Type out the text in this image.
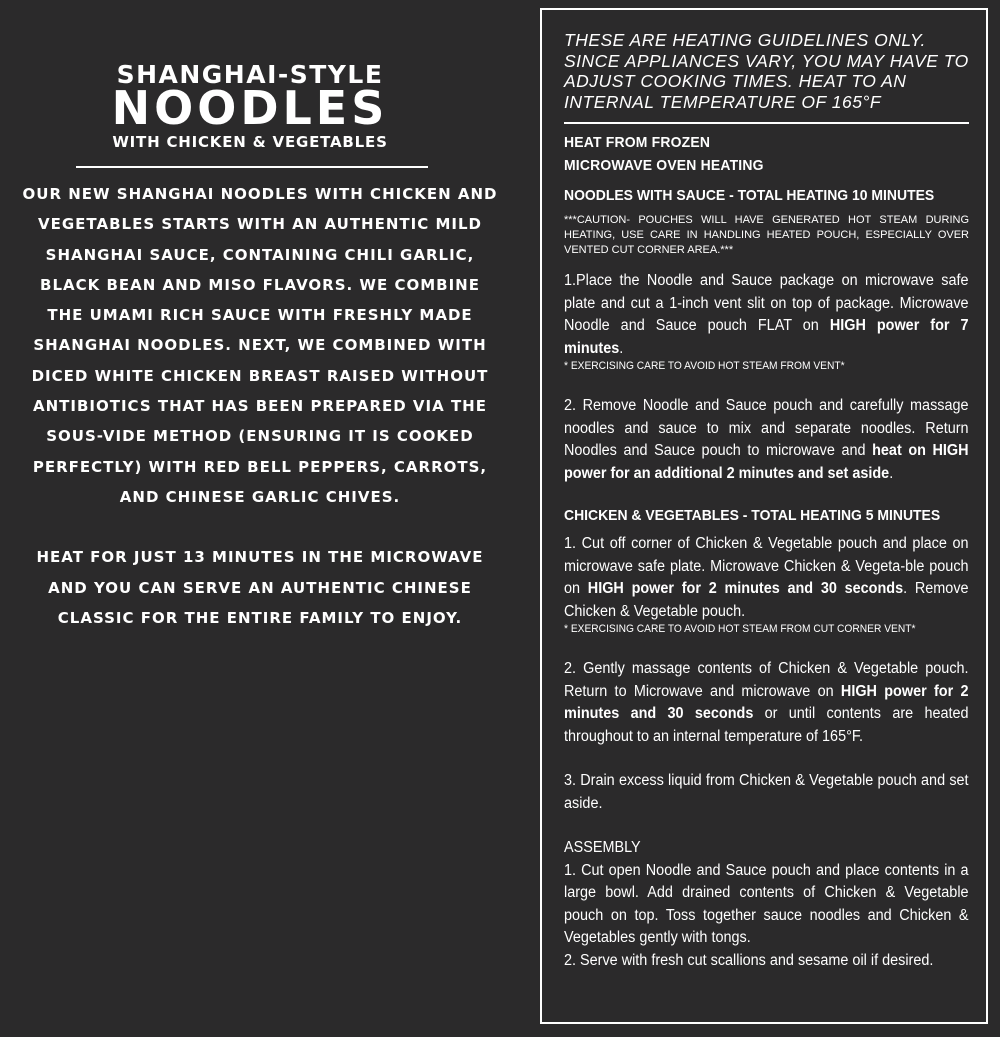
SHANGHAI-STYLE
NOODLES
WITH CHICKEN & VEGETABLES

OUR NEW SHANGHAI NOODLES WITH CHICKEN AND VEGETABLES STARTS WITH AN AUTHENTIC MILD SHANGHAI SAUCE, CONTAINING CHILI GARLIC, BLACK BEAN AND MISO FLAVORS. WE COMBINE THE UMAMI RICH SAUCE WITH FRESHLY MADE SHANGHAI NOODLES. NEXT, WE COMBINED WITH DICED WHITE CHICKEN BREAST RAISED WITHOUT ANTIBIOTICS THAT HAS BEEN PREPARED VIA THE SOUS-VIDE METHOD (ENSURING IT IS COOKED PERFECTLY) WITH RED BELL PEPPERS, CARROTS, AND CHINESE GARLIC CHIVES.

HEAT FOR JUST 13 MINUTES IN THE MICROWAVE AND YOU CAN SERVE AN AUTHENTIC CHINESE CLASSIC FOR THE ENTIRE FAMILY TO ENJOY.

THESE ARE HEATING GUIDELINES ONLY. SINCE APPLIANCES VARY, YOU MAY HAVE TO ADJUST COOKING TIMES. HEAT TO AN INTERNAL TEMPERATURE OF 165°F

HEAT FROM FROZEN

MICROWAVE OVEN HEATING

NOODLES WITH SAUCE - TOTAL HEATING 10 MINUTES

***CAUTION- POUCHES WILL HAVE GENERATED HOT STEAM DURING HEATING, USE CARE IN HANDLING HEATED POUCH, ESPECIALLY OVER VENTED CUT CORNER AREA.***

1.Place the Noodle and Sauce package on microwave safe plate and cut a 1-inch vent slit on top of package. Microwave Noodle and Sauce pouch FLAT on HIGH power for 7 minutes.

* EXERCISING CARE TO AVOID HOT STEAM FROM VENT*

2. Remove Noodle and Sauce pouch and carefully massage noodles and sauce to mix and separate noodles. Return Noodles and Sauce pouch to microwave and heat on HIGH power for an additional 2 minutes and set aside.

CHICKEN & VEGETABLES - TOTAL HEATING 5 MINUTES

1. Cut off corner of Chicken & Vegetable pouch and place on microwave safe plate. Microwave Chicken & Vegeta-ble pouch on HIGH power for 2 minutes and 30 seconds. Remove Chicken & Vegetable pouch.

* EXERCISING CARE TO AVOID HOT STEAM FROM CUT CORNER VENT*

2. Gently massage contents of Chicken & Vegetable pouch. Return to Microwave and microwave on HIGH power for 2 minutes and 30 seconds or until contents are heated throughout to an internal temperature of 165°F.

3. Drain excess liquid from Chicken & Vegetable pouch and set aside.

ASSEMBLY

1. Cut open Noodle and Sauce pouch and place contents in a large bowl. Add drained contents of Chicken & Vegetable pouch on top. Toss together sauce noodles and Chicken & Vegetables gently with tongs.

2. Serve with fresh cut scallions and sesame oil if desired.
